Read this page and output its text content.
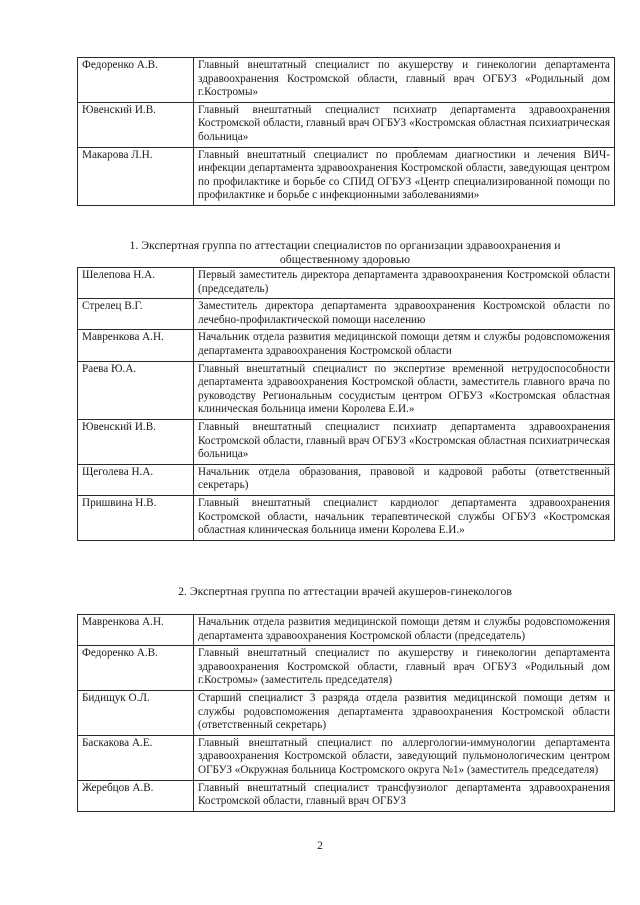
Федоренко А.В.	Главный внештатный специалист по акушерству и гинекологии департамента здравоохранения Костромской области, главный врач ОГБУЗ «Родильный дом г.Костромы»
Ювенский И.В.	Главный внештатный специалист психиатр департамента здравоохранения Костромской области, главный врач ОГБУЗ «Костромская областная психиатрическая больница»
Макарова Л.Н.	Главный внештатный специалист по проблемам диагностики и лечения ВИЧ-инфекции департамента здравоохранения Костромской области, заведующая центром по профилактике и борьбе со СПИД ОГБУЗ «Центр специализированной помощи по профилактике и борьбе с инфекционными заболеваниями»
1. Экспертная группа по аттестации специалистов по организации здравоохранения и общественному здоровью
Шелепова Н.А.	Первый заместитель директора департамента здравоохранения Костромской области (председатель)
Стрелец В.Г.	Заместитель директора департамента здравоохранения Костромской области по лечебно-профилактической помощи населению
Мавренкова А.Н.	Начальник отдела развития медицинской помощи детям и службы родовспоможения департамента здравоохранения Костромской области
Раева Ю.А.	Главный внештатный специалист по экспертизе временной нетрудоспособности департамента здравоохранения Костромской области, заместитель главного врача по руководству Региональным сосудистым центром ОГБУЗ «Костромская областная клиническая больница имени Королева Е.И.»
Ювенский И.В.	Главный внештатный специалист психиатр департамента здравоохранения Костромской области, главный врач ОГБУЗ «Костромская областная психиатрическая больница»
Щеголева Н.А.	Начальник отдела образования, правовой и кадровой работы (ответственный секретарь)
Пришвина Н.В.	Главный внештатный специалист кардиолог департамента здравоохранения Костромской области, начальник терапевтической службы ОГБУЗ «Костромская областная клиническая больница имени Королева Е.И.»
2. Экспертная группа по аттестации врачей акушеров-гинекологов
Мавренкова А.Н.	Начальник отдела развития медицинской помощи детям и службы родовспоможения департамента здравоохранения Костромской области (председатель)
Федоренко А.В.	Главный внештатный специалист по акушерству и гинекологии департамента здравоохранения Костромской области, главный врач ОГБУЗ «Родильный дом г.Костромы» (заместитель председателя)
Бидищук О.Л.	Старший специалист 3 разряда отдела развития медицинской помощи детям и службы родовспоможения департамента здравоохранения Костромской области (ответственный секретарь)
Баскакова А.Е.	Главный внештатный специалист по аллергологии-иммунологии департамента здравоохранения Костромской области, заведующий пульмонологическим центром ОГБУЗ «Окружная больница Костромского округа №1» (заместитель председателя)
Жеребцов А.В.	Главный внештатный специалист трансфузиолог департамента здравоохранения Костромской области, главный врач ОГБУЗ
2
